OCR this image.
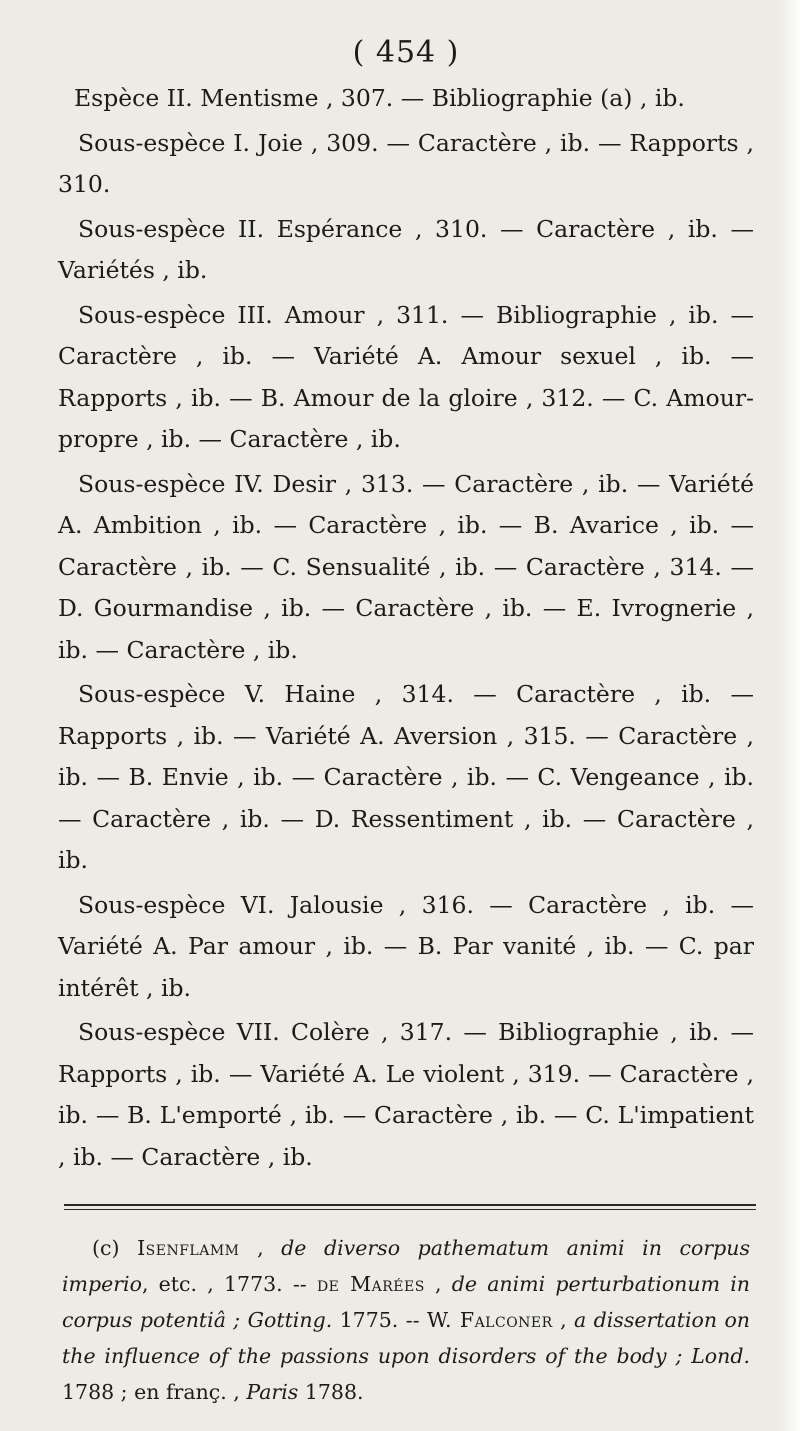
( 454 )

Espèce II. Mentisme , 307. — Bibliographie (a) , ib.

Sous-espèce I. Joie , 309. — Caractère , ib. — Rapports , 310.

Sous-espèce II. Espérance , 310. — Caractère , ib. — Variétés , ib.

Sous-espèce III. Amour , 311. — Bibliographie , ib. — Caractère , ib. — Variété A. Amour sexuel , ib. — Rapports , ib. — B. Amour de la gloire , 312. — C. Amour-propre , ib. — Caractère , ib.

Sous-espèce IV. Desir , 313. — Caractère , ib. — Variété A. Ambition , ib. — Caractère , ib. — B. Avarice , ib. — Caractère , ib. — C. Sensualité , ib. — Caractère , 314. — D. Gourmandise , ib. — Caractère , ib. — E. Ivrognerie , ib. — Caractère , ib.

Sous-espèce V. Haine , 314. — Caractère , ib. — Rapports , ib. — Variété A. Aversion , 315. — Caractère , ib. — B. Envie , ib. — Caractère , ib. — C. Vengeance , ib. — Caractère , ib. — D. Ressentiment , ib. — Caractère , ib.

Sous-espèce VI. Jalousie , 316. — Caractère , ib. — Variété A. Par amour , ib. — B. Par vanité , ib. — C. par intérêt , ib.

Sous-espèce VII. Colère , 317. — Bibliographie , ib. — Rapports , ib. — Variété A. Le violent , 319. — Caractère , ib. — B. L'emporté , ib. — Caractère , ib. — C. L'impatient , ib. — Caractère , ib.

(c) Isenflamm , de diverso pathematum animi in corpus imperio, etc. , 1773. -- de Marées , de animi perturbationum in corpus potentiâ ; Gotting. 1775. -- W. Falconer , a dissertation on the influence of the passions upon disorders of the body ; Lond. 1788 ; en franç. , Paris 1788.
